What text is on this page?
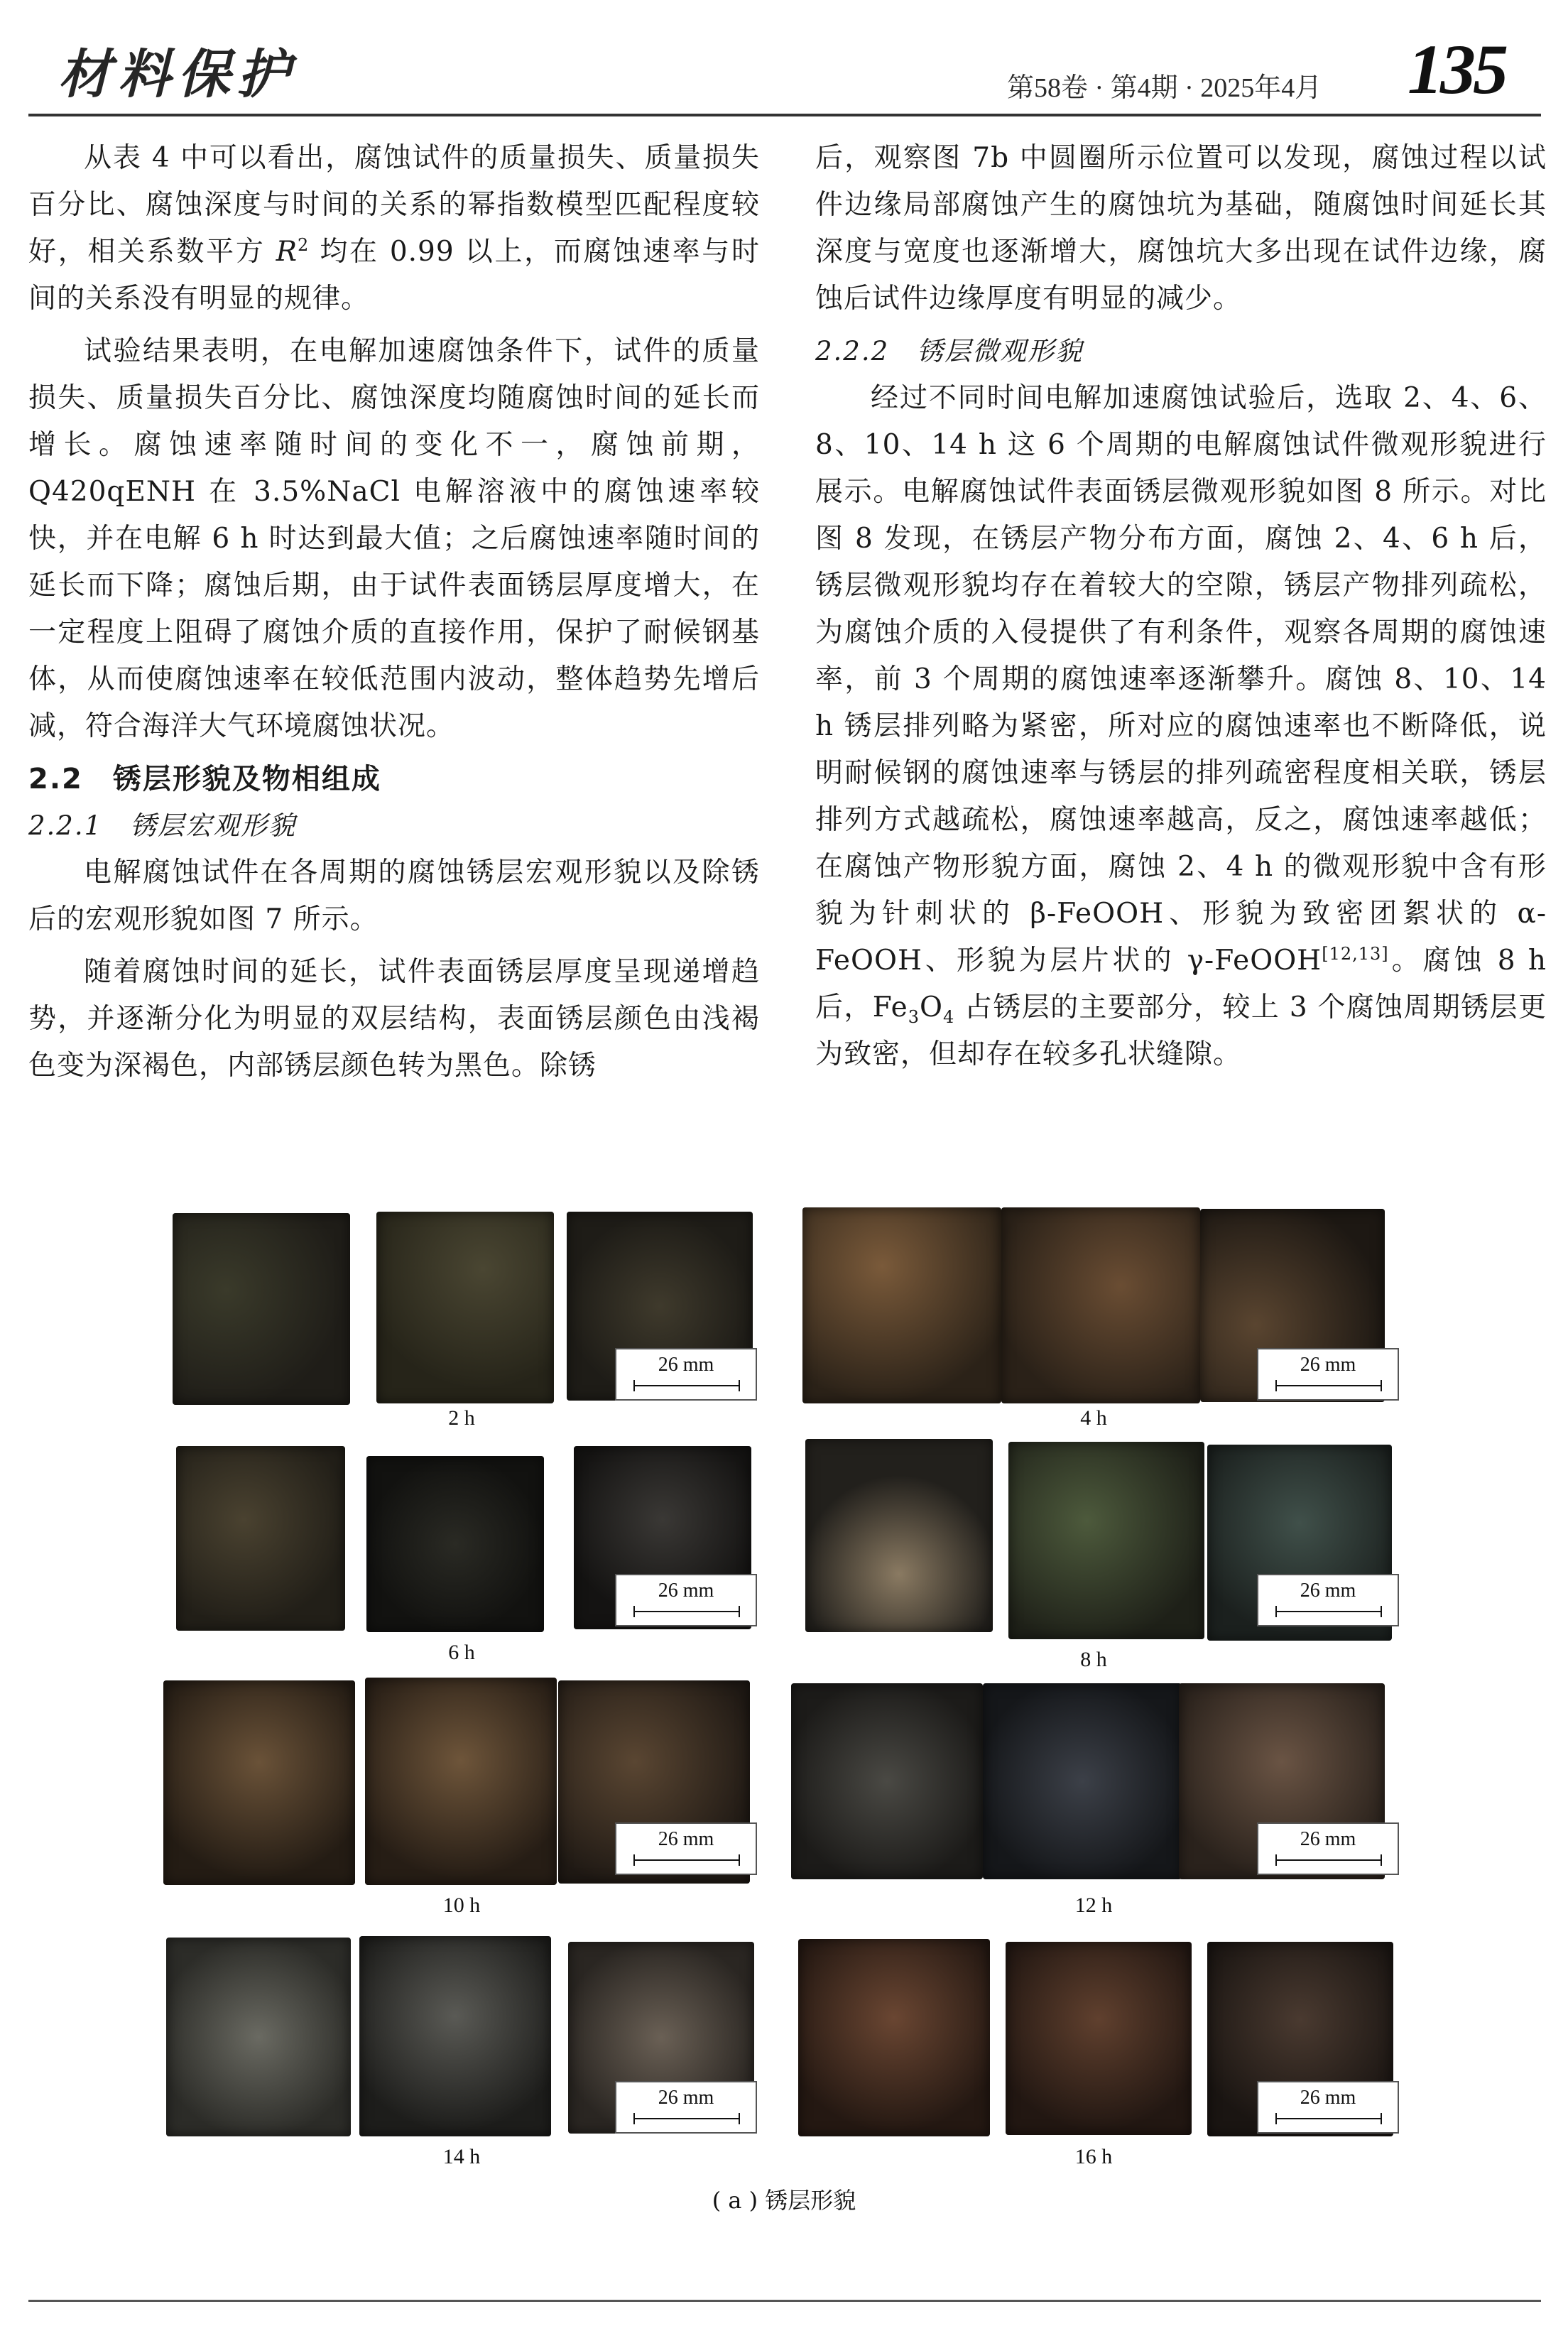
材料保护	第58卷 · 第4期 · 2025年4月 135

从表 4 中可以看出，腐蚀试件的质量损失、质量损失百分比、腐蚀深度与时间的关系的幂指数模型匹配程度较好，相关系数平方 $R^2$ 均在 0.99 以上，而腐蚀速率与时间的关系没有明显的规律。

试验结果表明，在电解加速腐蚀条件下，试件的质量损失、质量损失百分比、腐蚀深度均随腐蚀时间的延长而增长。腐蚀速率随时间的变化不一，腐蚀前期，Q420qENH 在 3.5%NaCl 电解溶液中的腐蚀速率较快，并在电解 6 h 时达到最大值；之后腐蚀速率随时间的延长而下降；腐蚀后期，由于试件表面锈层厚度增大，在一定程度上阻碍了腐蚀介质的直接作用，保护了耐候钢基体，从而使腐蚀速率在较低范围内波动，整体趋势先增后减，符合海洋大气环境腐蚀状况。

2.2　锈层形貌及物相组成

2.2.1　锈层宏观形貌

电解腐蚀试件在各周期的腐蚀锈层宏观形貌以及除锈后的宏观形貌如图 7 所示。

随着腐蚀时间的延长，试件表面锈层厚度呈现递增趋势，并逐渐分化为明显的双层结构，表面锈层颜色由浅褐色变为深褐色，内部锈层颜色转为黑色。除锈

后，观察图 7b 中圆圈所示位置可以发现，腐蚀过程以试件边缘局部腐蚀产生的腐蚀坑为基础，随腐蚀时间延长其深度与宽度也逐渐增大，腐蚀坑大多出现在试件边缘，腐蚀后试件边缘厚度有明显的减少。

2.2.2　锈层微观形貌

经过不同时间电解加速腐蚀试验后，选取 2、4、6、8、10、14 h 这 6 个周期的电解腐蚀试件微观形貌进行展示。电解腐蚀试件表面锈层微观形貌如图 8 所示。对比图 8 发现，在锈层产物分布方面，腐蚀 2、4、6 h 后，锈层微观形貌均存在着较大的空隙，锈层产物排列疏松，为腐蚀介质的入侵提供了有利条件，观察各周期的腐蚀速率，前 3 个周期的腐蚀速率逐渐攀升。腐蚀 8、10、14 h 锈层排列略为紧密，所对应的腐蚀速率也不断降低，说明耐候钢的腐蚀速率与锈层的排列疏密程度相关联，锈层排列方式越疏松，腐蚀速率越高，反之，腐蚀速率越低；在腐蚀产物形貌方面，腐蚀 2、4 h 的微观形貌中含有形貌为针刺状的 β-FeOOH、形貌为致密团絮状的 α-FeOOH、形貌为层片状的 γ-FeOOH[12,13]。腐蚀 8 h 后，$Fe_3O_4$ 占锈层的主要部分，较上 3 个腐蚀周期锈层更为致密，但却存在较多孔状缝隙。

26 mm
2 h
26 mm
4 h
26 mm
6 h
26 mm
8 h
26 mm
10 h
26 mm
12 h
26 mm
14 h
26 mm
16 h
( a ) 锈层形貌
